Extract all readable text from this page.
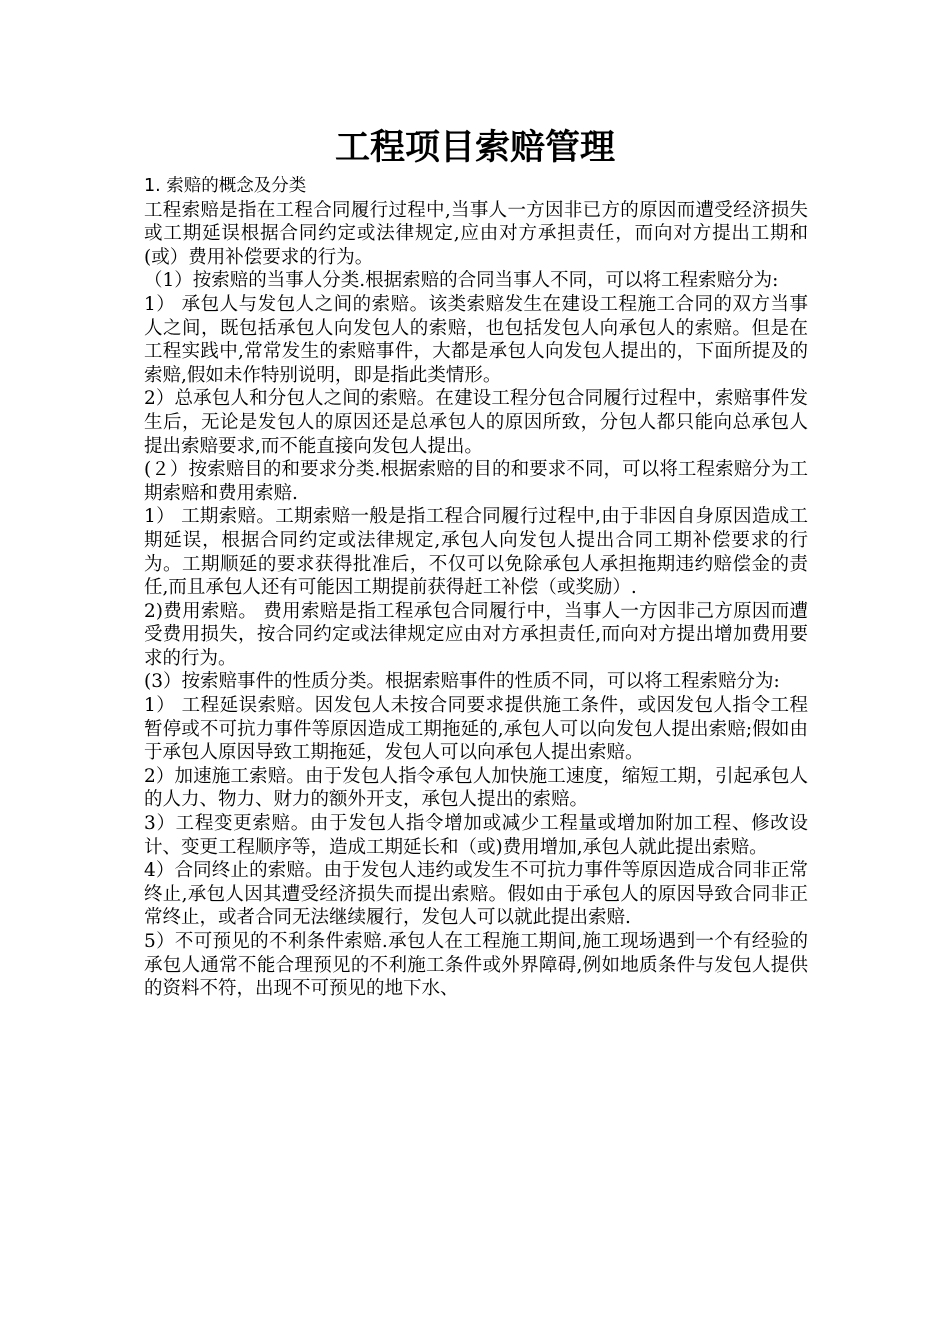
工程项目索赔管理

1. 索赔的概念及分类

工程索赔是指在工程合同履行过程中,当事人一方因非已方的原因而遭受经济损失或工期延误根据合同约定或法律规定,应由对方承担责任，而向对方提出工期和(或）费用补偿要求的行为。

（1）按索赔的当事人分类.根据索赔的合同当事人不同，可以将工程索赔分为:

1） 承包人与发包人之间的索赔。该类索赔发生在建设工程施工合同的双方当事人之间，既包括承包人向发包人的索赔，也包括发包人向承包人的索赔。但是在工程实践中,常常发生的索赔事件，大都是承包人向发包人提出的，下面所提及的索赔,假如未作特别说明，即是指此类情形。

2）总承包人和分包人之间的索赔。在建设工程分包合同履行过程中，索赔事件发生后，无论是发包人的原因还是总承包人的原因所致，分包人都只能向总承包人提出索赔要求,而不能直接向发包人提出。

(２）按索赔目的和要求分类.根据索赔的目的和要求不同，可以将工程索赔分为工期索赔和费用索赔.

1） 工期索赔。工期索赔一般是指工程合同履行过程中,由于非因自身原因造成工期延误，根据合同约定或法律规定,承包人向发包人提出合同工期补偿要求的行为。工期顺延的要求获得批准后，不仅可以免除承包人承担拖期违约赔偿金的责任,而且承包人还有可能因工期提前获得赶工补偿（或奖励）.

2)费用索赔。 费用索赔是指工程承包合同履行中，当事人一方因非己方原因而遭受费用损失，按合同约定或法律规定应由对方承担责任,而向对方提出增加费用要求的行为。

(3）按索赔事件的性质分类。根据索赔事件的性质不同，可以将工程索赔分为:

1） 工程延误索赔。因发包人未按合同要求提供施工条件，或因发包人指令工程暂停或不可抗力事件等原因造成工期拖延的,承包人可以向发包人提出索赔;假如由于承包人原因导致工期拖延，发包人可以向承包人提出索赔。

2）加速施工索赔。由于发包人指令承包人加快施工速度，缩短工期，引起承包人的人力、物力、财力的额外开支，承包人提出的索赔。

3）工程变更索赔。由于发包人指令增加或减少工程量或增加附加工程、修改设计、变更工程顺序等，造成工期延长和（或)费用增加,承包人就此提出索赔。

4）合同终止的索赔。由于发包人违约或发生不可抗力事件等原因造成合同非正常终止,承包人因其遭受经济损失而提出索赔。假如由于承包人的原因导致合同非正常终止，或者合同无法继续履行，发包人可以就此提出索赔.

5）不可预见的不利条件索赔.承包人在工程施工期间,施工现场遇到一个有经验的承包人通常不能合理预见的不利施工条件或外界障碍,例如地质条件与发包人提供的资料不符，出现不可预见的地下水、
